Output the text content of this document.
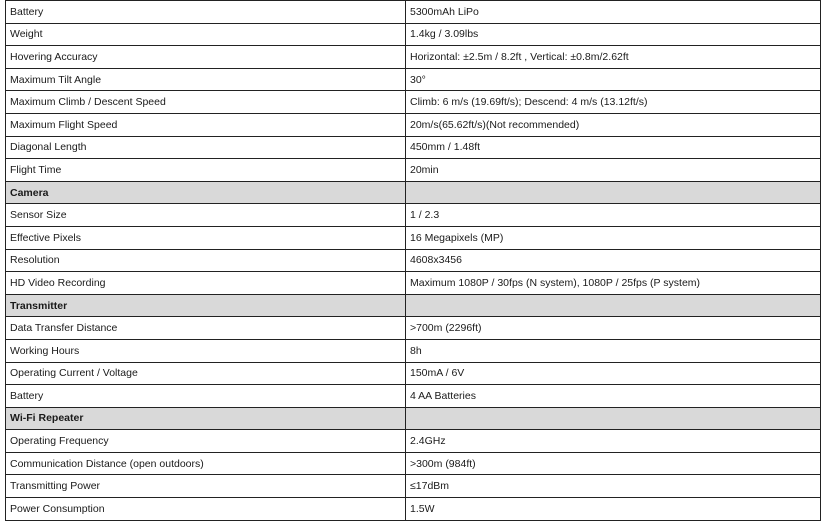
Battery	5300mAh LiPo
Weight	1.4kg / 3.09lbs
Hovering Accuracy	Horizontal: ±2.5m / 8.2ft , Vertical: ±0.8m/2.62ft
Maximum Tilt Angle	30°
Maximum Climb / Descent Speed	Climb: 6 m/s (19.69ft/s); Descend: 4 m/s (13.12ft/s)
Maximum Flight Speed	20m/s(65.62ft/s)(Not recommended)
Diagonal Length	450mm / 1.48ft
Flight Time	20min
Camera	
Sensor Size	1 / 2.3
Effective Pixels	16 Megapixels (MP)
Resolution	4608x3456
HD Video Recording	Maximum 1080P / 30fps (N system), 1080P / 25fps (P system)
Transmitter	
Data Transfer Distance	>700m (2296ft)
Working Hours	8h
Operating Current / Voltage	150mA / 6V
Battery	4 AA Batteries
Wi-Fi Repeater	
Operating Frequency	2.4GHz
Communication Distance (open outdoors)	>300m (984ft)
Transmitting Power	≤17dBm
Power Consumption	1.5W
